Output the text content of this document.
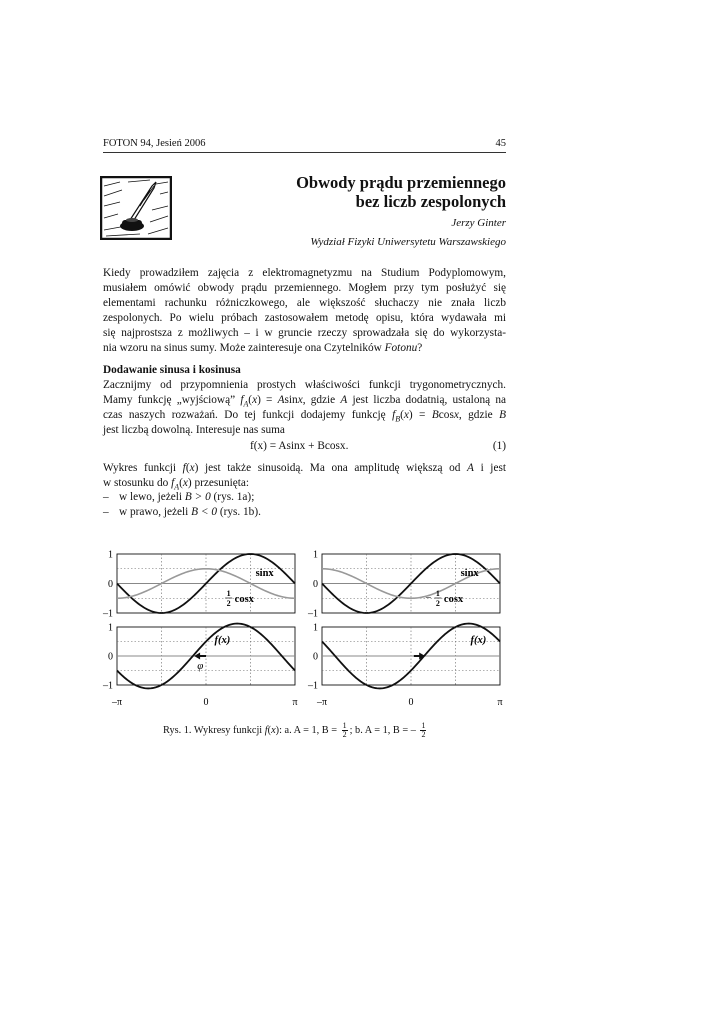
FOTON 94, Jesień 2006	45
Obwody prądu przemiennego
bez liczb zespolonych
Jerzy Ginter
Wydział Fizyki Uniwersytetu Warszawskiego
Kiedy prowadziłem zajęcia z elektromagnetyzmu na Studium Podyplomowym,
musiałem omówić obwody prądu przemiennego. Mogłem przy tym posłużyć się
elementami rachunku różniczkowego, ale większość słuchaczy nie znała liczb
zespolonych. Po wielu próbach zastosowałem metodę opisu, która wydawała mi
się najprostsza z możliwych – i w gruncie rzeczy sprowadzała się do wykorzysta-
nia wzoru na sinus sumy. Może zainteresuje ona Czytelników Fotonu?
Dodawanie sinusa i kosinusa
Zacznijmy od przypomnienia prostych właściwości funkcji trygonometrycznych.
Mamy funkcję „wyjściową” $f_A(x) = Asinx$, gdzie A jest liczba dodatnią, ustaloną na
czas naszych rozważań. Do tej funkcji dodajemy funkcję $f_B(x) = Bcosx$, gdzie B
jest liczbą dowolną. Interesuje nas suma
f(x) = Asinx + Bcosx.	(1)
Wykres funkcji f(x) jest także sinusoidą. Ma ona amplitudę większą od A i jest
w stosunku do $f_A(x)$ przesunięta:
– w lewo, jeżeli B > 0 (rys. 1a);
– w prawo, jeżeli B < 0 (rys. 1b).
1
0
–1
sinx
1
2 cosx
1
0
–1
f(x)
φ
–π	0	π
1
0
–1
sinx
– 1
2 cosx
1
0
–1
f(x)
–π	0	π
Rys. 1. Wykresy funkcji f(x): a. A = 1, $B = \frac{1}{2}$ ; b. A = 1, B = – $\frac{1}{2}$
